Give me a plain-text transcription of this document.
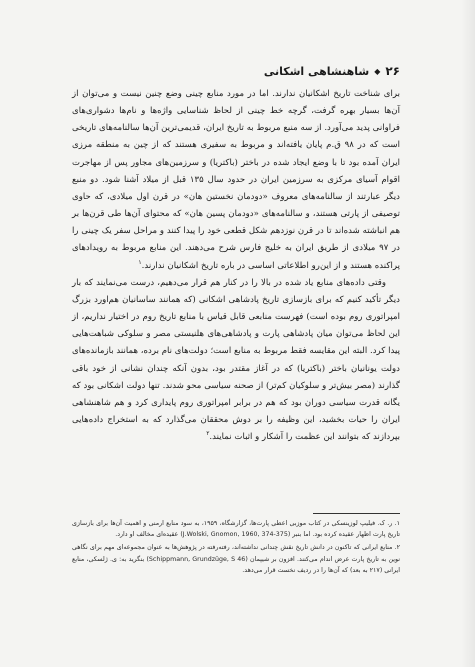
۲۶
◆
شاهنشاهی اشکانی

برای شناخت تاریخ اشکانیان ندارند. اما در مورد منابع چینی وضع چنین نیست و می‌توان از آن‌ها بسیار بهره گرفت، گرچه خط چینی از لحاظ شناسایی واژه‌ها و نام‌ها دشواری‌های فراوانی پدید می‌آورد. از سه منبع مربوط به تاریخ ایران، قدیمی‌ترین آن‌ها سالنامه‌های تاریخی است که در ۹۸ ق.م پایان یافته‌اند و مربوط به سفیری هستند که از چین به منطقه مرزی ایران آمده بود تا با وضع ایجاد شده در باختر (باکتریا) و سرزمین‌های مجاور پس از مهاجرت اقوام آسیای مرکزی به سرزمین ایران در حدود سال ۱۳۵ قبل از میلاد آشنا شود. دو منبع دیگر عبارتند از سالنامه‌های معروف «دودمان نخستین هان» در قرن اول میلادی، که حاوی توصیفی از پارتی هستند، و سالنامه‌های «دودمان پسین هان» که محتوای آن‌ها طی قرن‌ها بر هم انباشته شده‌اند تا در قرن نوزدهم شکل قطعی خود را پیدا کنند و مراحل سفر یک چینی را در ۹۷ میلادی از طریق ایران به خلیج فارس شرح می‌دهند. این منابع مربوط به رویدادهای پراکنده هستند و از این‌رو اطلاعاتی اساسی در باره تاریخ اشکانیان ندارند.$^۱$

وقتی داده‌های منابع یاد شده در بالا را در کنار هم قرار می‌دهیم، درست می‌نمایند که بار دیگر تأکید کنیم که برای بازسازی تاریخ پادشاهی اشکانی (که همانند ساسانیان هم‌اورد بزرگ امپراتوری روم بوده است) فهرست منابعی قابل قیاس با منابع تاریخ روم در اختیار نداریم، از این لحاظ می‌توان میان پادشاهی پارت و پادشاهی‌های هلنیستی مصر و سلوکی شباهت‌هایی پیدا کرد. البته این مقایسه فقط مربوط به منابع است؛ دولت‌های نام برده، همانند بازمانده‌های دولت یونانیان باختر (باکتریا) که در آغاز مقتدر بود، بدون آنکه چندان نشانی از خود باقی گذارند (مصر بیش‌تر و سلوکیان کم‌تر) از صحنه سیاسی محو شدند. تنها دولت اشکانی بود که یگانه قدرت سیاسی دوران بود که هم در برابر امپراتوری روم پایداری کرد و هم شاهنشاهی ایران را حیات بخشید، این وظیفه را بر دوش محققان می‌گذارد که به استخراج داده‌هایی بپردازند که بتوانند این عظمت را آشکار و اثبات نمایند.$^۲$

۱. ر. ک. فیلیپ لوزینسکی در کتاب موزبی اعطی پارت‌ها، گزارشگاه، ۱۹۵۹، به سود منابع ارمنی و اهمیت آن‌ها برای بازسازی تاریخ پارت اظهار عقیده کرده بود. اما بنبر (J.Wolski, Gnomon, 1960, 374-375) عقیده‌ای مخالف او دارد.

۲. منابع ایرانی که تاکنون در دانش تاریخ نقش چندانی نداشته‌اند، رفته‌رفته در پژوهش‌ها به عنوان مجموعه‌ای مهم برای نگاهی نوین به تاریخ پارت عرض اندام می‌کنند. افزون بر شیپمان (Schippmann, Grundzüge, S 46) بنگرید به: ی. ژلسکی، منابع ایرانی (۲۱۷ به بعد) که آن‌ها را در ردیف نخست قرار می‌دهد.
